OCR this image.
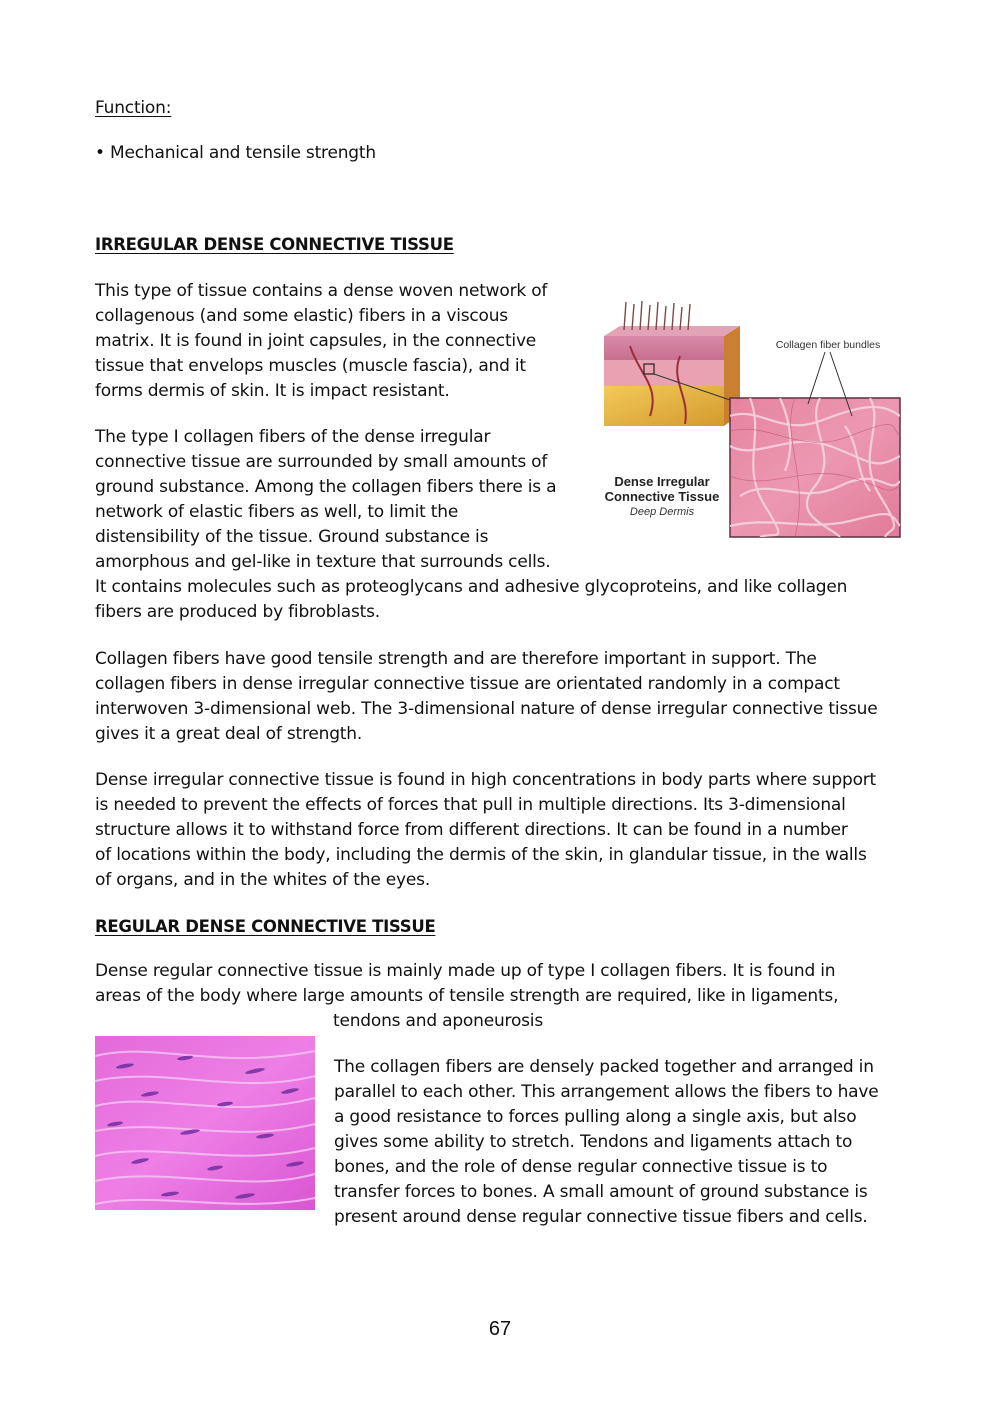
Function:
• Mechanical and tensile strength
IRREGULAR DENSE CONNECTIVE TISSUE
This type of tissue contains a dense woven network of
collagenous (and some elastic) fibers in a viscous
matrix. It is found in joint capsules, in the connective
tissue that envelops muscles (muscle fascia), and it
forms dermis of skin. It is impact resistant.
The type I collagen fibers of the dense irregular
connective tissue are surrounded by small amounts of
ground substance. Among the collagen fibers there is a
network of elastic fibers as well, to limit the
distensibility of the tissue. Ground substance is
amorphous and gel-like in texture that surrounds cells.
It contains molecules such as proteoglycans and adhesive glycoproteins, and like collagen
fibers are produced by fibroblasts.
Collagen fibers have good tensile strength and are therefore important in support. The
collagen fibers in dense irregular connective tissue are orientated randomly in a compact
interwoven 3-dimensional web. The 3-dimensional nature of dense irregular connective tissue
gives it a great deal of strength.
Dense irregular connective tissue is found in high concentrations in body parts where support
is needed to prevent the effects of forces that pull in multiple directions. Its 3-dimensional
structure allows it to withstand force from different directions. It can be found in a number
of locations within the body, including the dermis of the skin, in glandular tissue, in the walls
of organs, and in the whites of the eyes.
REGULAR DENSE CONNECTIVE TISSUE
Dense regular connective tissue is mainly made up of type I collagen fibers. It is found in
areas of the body where large amounts of tensile strength are required, like in ligaments,
tendons and aponeurosis
The collagen fibers are densely packed together and arranged in
parallel to each other. This arrangement allows the fibers to have
a good resistance to forces pulling along a single axis, but also
gives some ability to stretch. Tendons and ligaments attach to
bones, and the role of dense regular connective tissue is to
transfer forces to bones. A small amount of ground substance is
present around dense regular connective tissue fibers and cells.
Collagen fiber bundles
Dense Irregular
Connective Tissue
Deep Dermis
67
